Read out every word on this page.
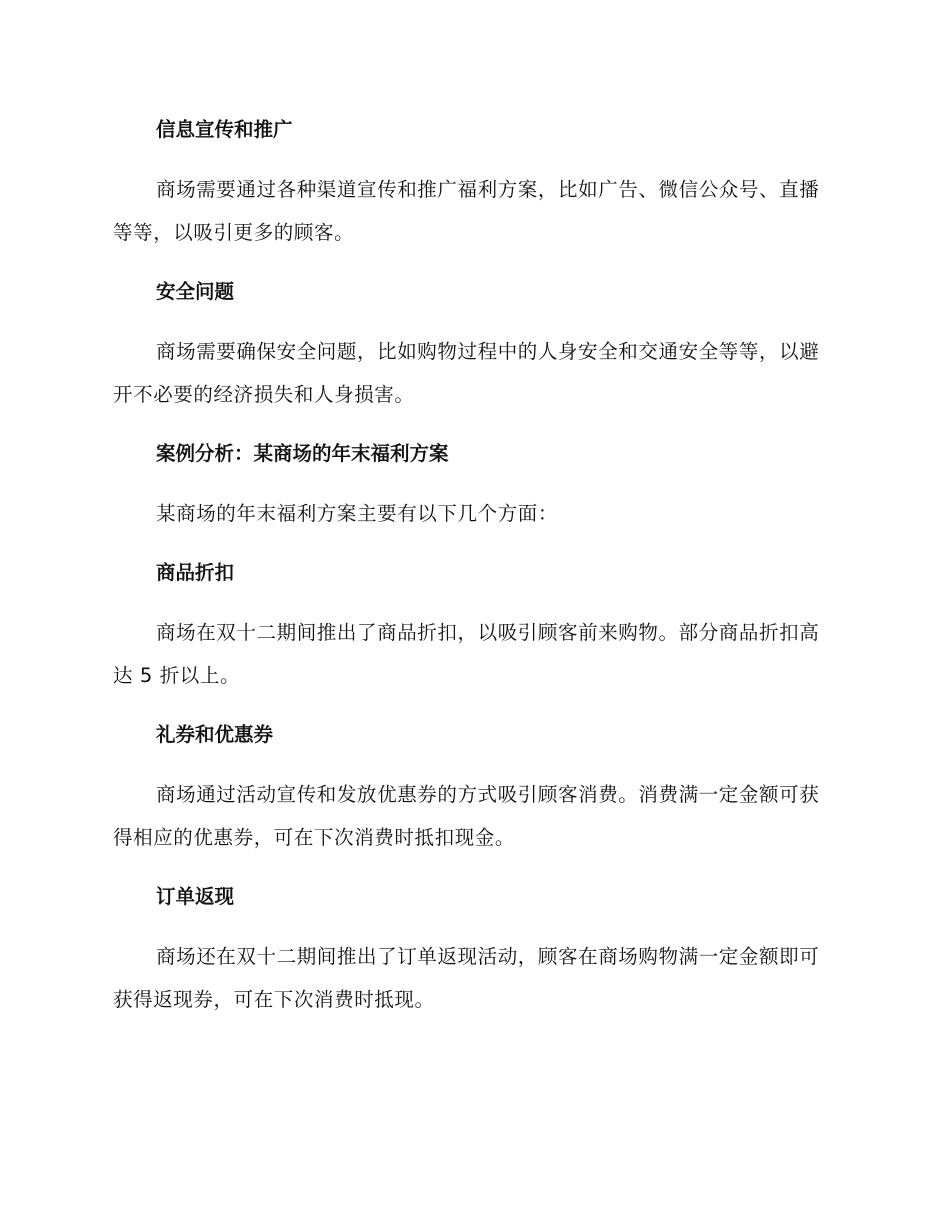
信息宣传和推广

商场需要通过各种渠道宣传和推广福利方案，比如广告、微信公众号、直播等等，以吸引更多的顾客。

安全问题

商场需要确保安全问题，比如购物过程中的人身安全和交通安全等等，以避开不必要的经济损失和人身损害。

案例分析：某商场的年末福利方案

某商场的年末福利方案主要有以下几个方面：

商品折扣

商场在双十二期间推出了商品折扣，以吸引顾客前来购物。部分商品折扣高达 5 折以上。

礼券和优惠券

商场通过活动宣传和发放优惠券的方式吸引顾客消费。消费满一定金额可获得相应的优惠券，可在下次消费时抵扣现金。

订单返现

商场还在双十二期间推出了订单返现活动，顾客在商场购物满一定金额即可获得返现券，可在下次消费时抵现。
